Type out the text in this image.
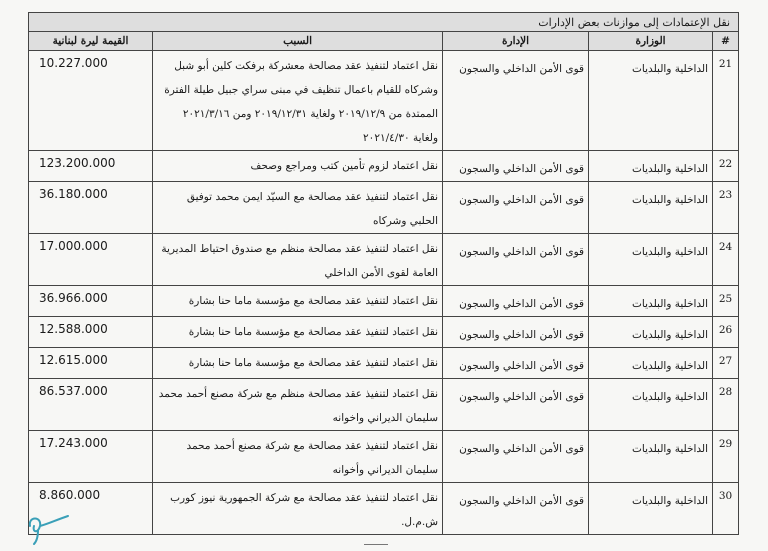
نقل الإعتمادات إلى موازنات بعض الإدارات				
#	الوزارة	الإدارة	السبب	القيمة ليرة لبنانية
21	الداخلية والبلديات	قوى الأمن الداخلي والسجون	نقل اعتماد لتنفيذ عقد مصالحة معشركة برفكت كلين أبو شبل وشركاه للقيام باعمال تنظيف في مبنى سراي جبيل طيلة الفترة الممتدة من ٢٠١٩/١٢/٩ ولغاية ٢٠١٩/١٢/٣١ ومن ٢٠٢١/٣/١٦ ولغاية ٢٠٢١/٤/٣٠	10.227.000
22	الداخلية والبلديات	قوى الأمن الداخلي والسجون	نقل اعتماد لزوم تأمين كتب ومراجع وصحف	123.200.000
23	الداخلية والبلديات	قوى الأمن الداخلي والسجون	نقل اعتماد لتنفيذ عقد مصالحة مع السيّد ايمن محمد توفيق الحلبي وشركاه	36.180.000
24	الداخلية والبلديات	قوى الأمن الداخلي والسجون	نقل اعتماد لتنفيذ عقد مصالحة منظم مع صندوق احتياط المديرية العامة لقوى الأمن الداخلي	17.000.000
25	الداخلية والبلديات	قوى الأمن الداخلي والسجون	نقل اعتماد لتنفيذ عقد مصالحة مع مؤسسة ماما حنا بشارة	36.966.000
26	الداخلية والبلديات	قوى الأمن الداخلي والسجون	نقل اعتماد لتنفيذ عقد مصالحة مع مؤسسة ماما حنا بشارة	12.588.000
27	الداخلية والبلديات	قوى الأمن الداخلي والسجون	نقل اعتماد لتنفيذ عقد مصالحة مع مؤسسة ماما حنا بشارة	12.615.000
28	الداخلية والبلديات	قوى الأمن الداخلي والسجون	نقل اعتماد لتنفيذ عقد مصالحة منظم مع شركة مصنع أحمد محمد سليمان الديراني واخوانه	86.537.000
29	الداخلية والبلديات	قوى الأمن الداخلي والسجون	نقل اعتماد لتنفيذ عقد مصالحة مع شركة مصنع أحمد محمد سليمان الديراني وأخوانه	17.243.000
30	الداخلية والبلديات	قوى الأمن الداخلي والسجون	نقل اعتماد لتنفيذ عقد مصالحة مع شركة الجمهورية نيوز كورب ش.م.ل.	8.860.000
